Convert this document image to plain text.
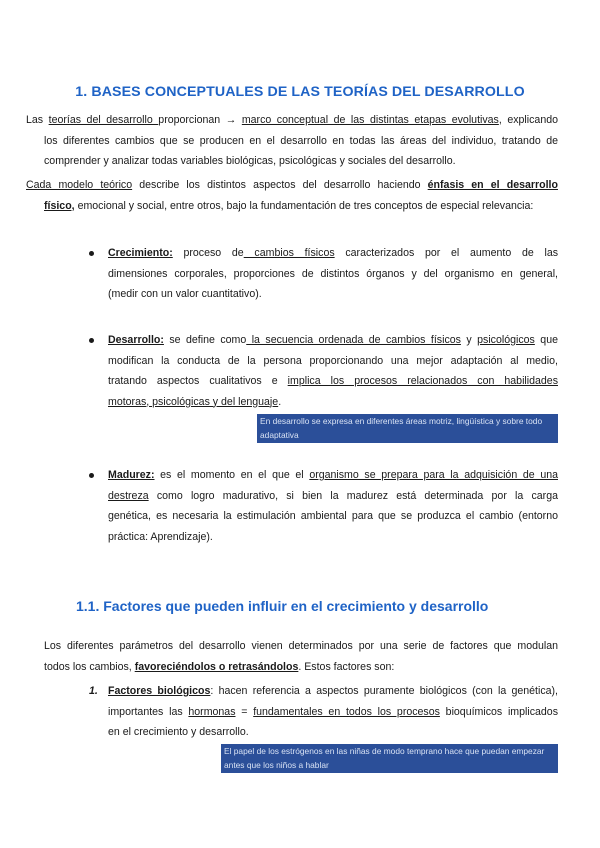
1. BASES CONCEPTUALES DE LAS TEORÍAS DEL DESARROLLO
Las teorías del desarrollo proporcionan → marco conceptual de las distintas etapas evolutivas, explicando
los diferentes cambios que se producen en el desarrollo en todas las áreas del individuo, tratando de
comprender y analizar todas variables biológicas, psicológicas y sociales del desarrollo.
Cada modelo teórico describe los distintos aspectos del desarrollo haciendo énfasis en el desarrollo
físico, emocional y social, entre otros, bajo la fundamentación de tres conceptos de especial relevancia:
Crecimiento: proceso de cambios físicos caracterizados por el aumento de las
dimensiones corporales, proporciones de distintos órganos y del organismo en general,
(medir con un valor cuantitativo).
Desarrollo: se define como la secuencia ordenada de cambios físicos y psicológicos que
modifican la conducta de la persona proporcionando una mejor adaptación al medio,
tratando aspectos cualitativos e implica los procesos relacionados con habilidades
motoras, psicológicas y del lenguaje.
En desarrollo se expresa en diferentes áreas motriz, lingüística y sobre todo adaptativa
Madurez: es el momento en el que el organismo se prepara para la adquisición de una
destreza como logro madurativo, si bien la madurez está determinada por la carga
genética, es necesaria la estimulación ambiental para que se produzca el cambio (entorno
práctica: Aprendizaje).
1.1. Factores que pueden influir en el crecimiento y desarrollo
Los diferentes parámetros del desarrollo vienen determinados por una serie de factores que modulan
todos los cambios, favoreciéndolos o retrasándolos. Estos factores son:
1. Factores biológicos: hacen referencia a aspectos puramente biológicos (con la genética),
importantes las hormonas = fundamentales en todos los procesos bioquímicos implicados
en el crecimiento y desarrollo.
El papel de los estrógenos en las niñas de modo temprano hace que puedan empezar antes que los niños a hablar
